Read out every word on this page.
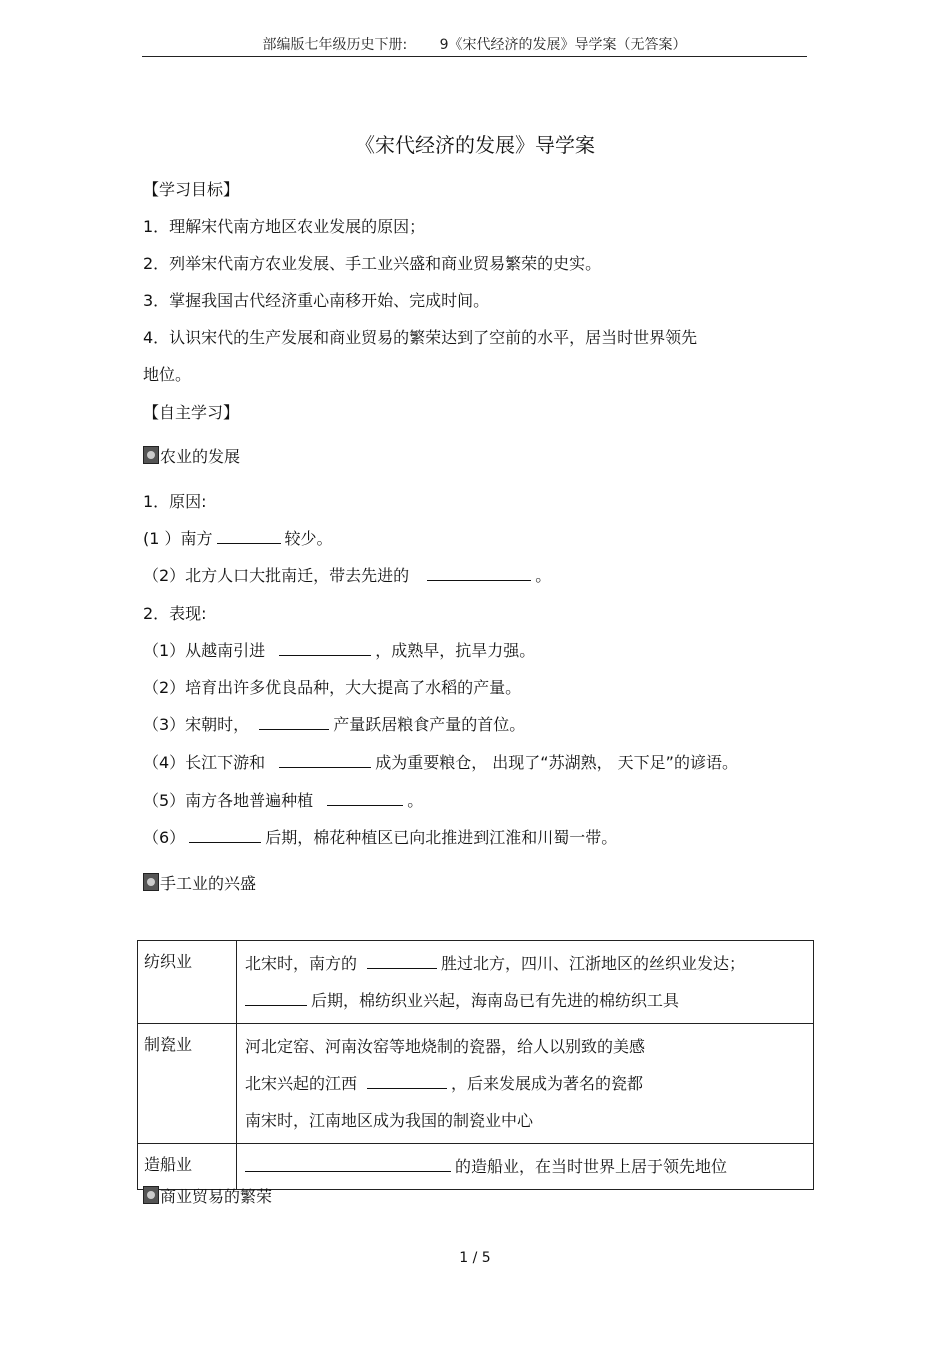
部编版七年级历史下册: 9《宋代经济的发展》导学案（无答案）
《宋代经济的发展》导学案
【学习目标】
1．理解宋代南方地区农业发展的原因；
2．列举宋代南方农业发展、手工业兴盛和商业贸易繁荣的史实。
3．掌握我国古代经济重心南移开始、完成时间。
4．认识宋代的生产发展和商业贸易的繁荣达到了空前的水平，居当时世界领先
地位。
【自主学习】
农业的发展
1．原因:
(1 ）南方	较少。
（2）北方人口大批南迁，带去先进的	。
2．表现:
（1）从越南引进	，成熟早，抗旱力强。
（2）培育出许多优良品种，大大提高了水稻的产量。
（3）宋朝时，	产量跃居粮食产量的首位。
（4）长江下游和	成为重要粮仓， 出现了“苏湖熟， 天下足”的谚语。
（5）南方各地普遍种植	。
（6）	后期，棉花种植区已向北推进到江淮和川蜀一带。
手工业的兴盛
纺织业	北宋时，南方的 胜过北方，四川、江浙地区的丝织业发达；
后期，棉纺织业兴起，海南岛已有先进的棉纺织工具

制瓷业	河北定窑、河南汝窑等地烧制的瓷器，给人以别致的美感
北宋兴起的江西 ，后来发展成为著名的瓷都
南宋时，江南地区成为我国的制瓷业中心

造船业	的造船业，在当时世界上居于领先地位
商业贸易的繁荣
1 / 5
